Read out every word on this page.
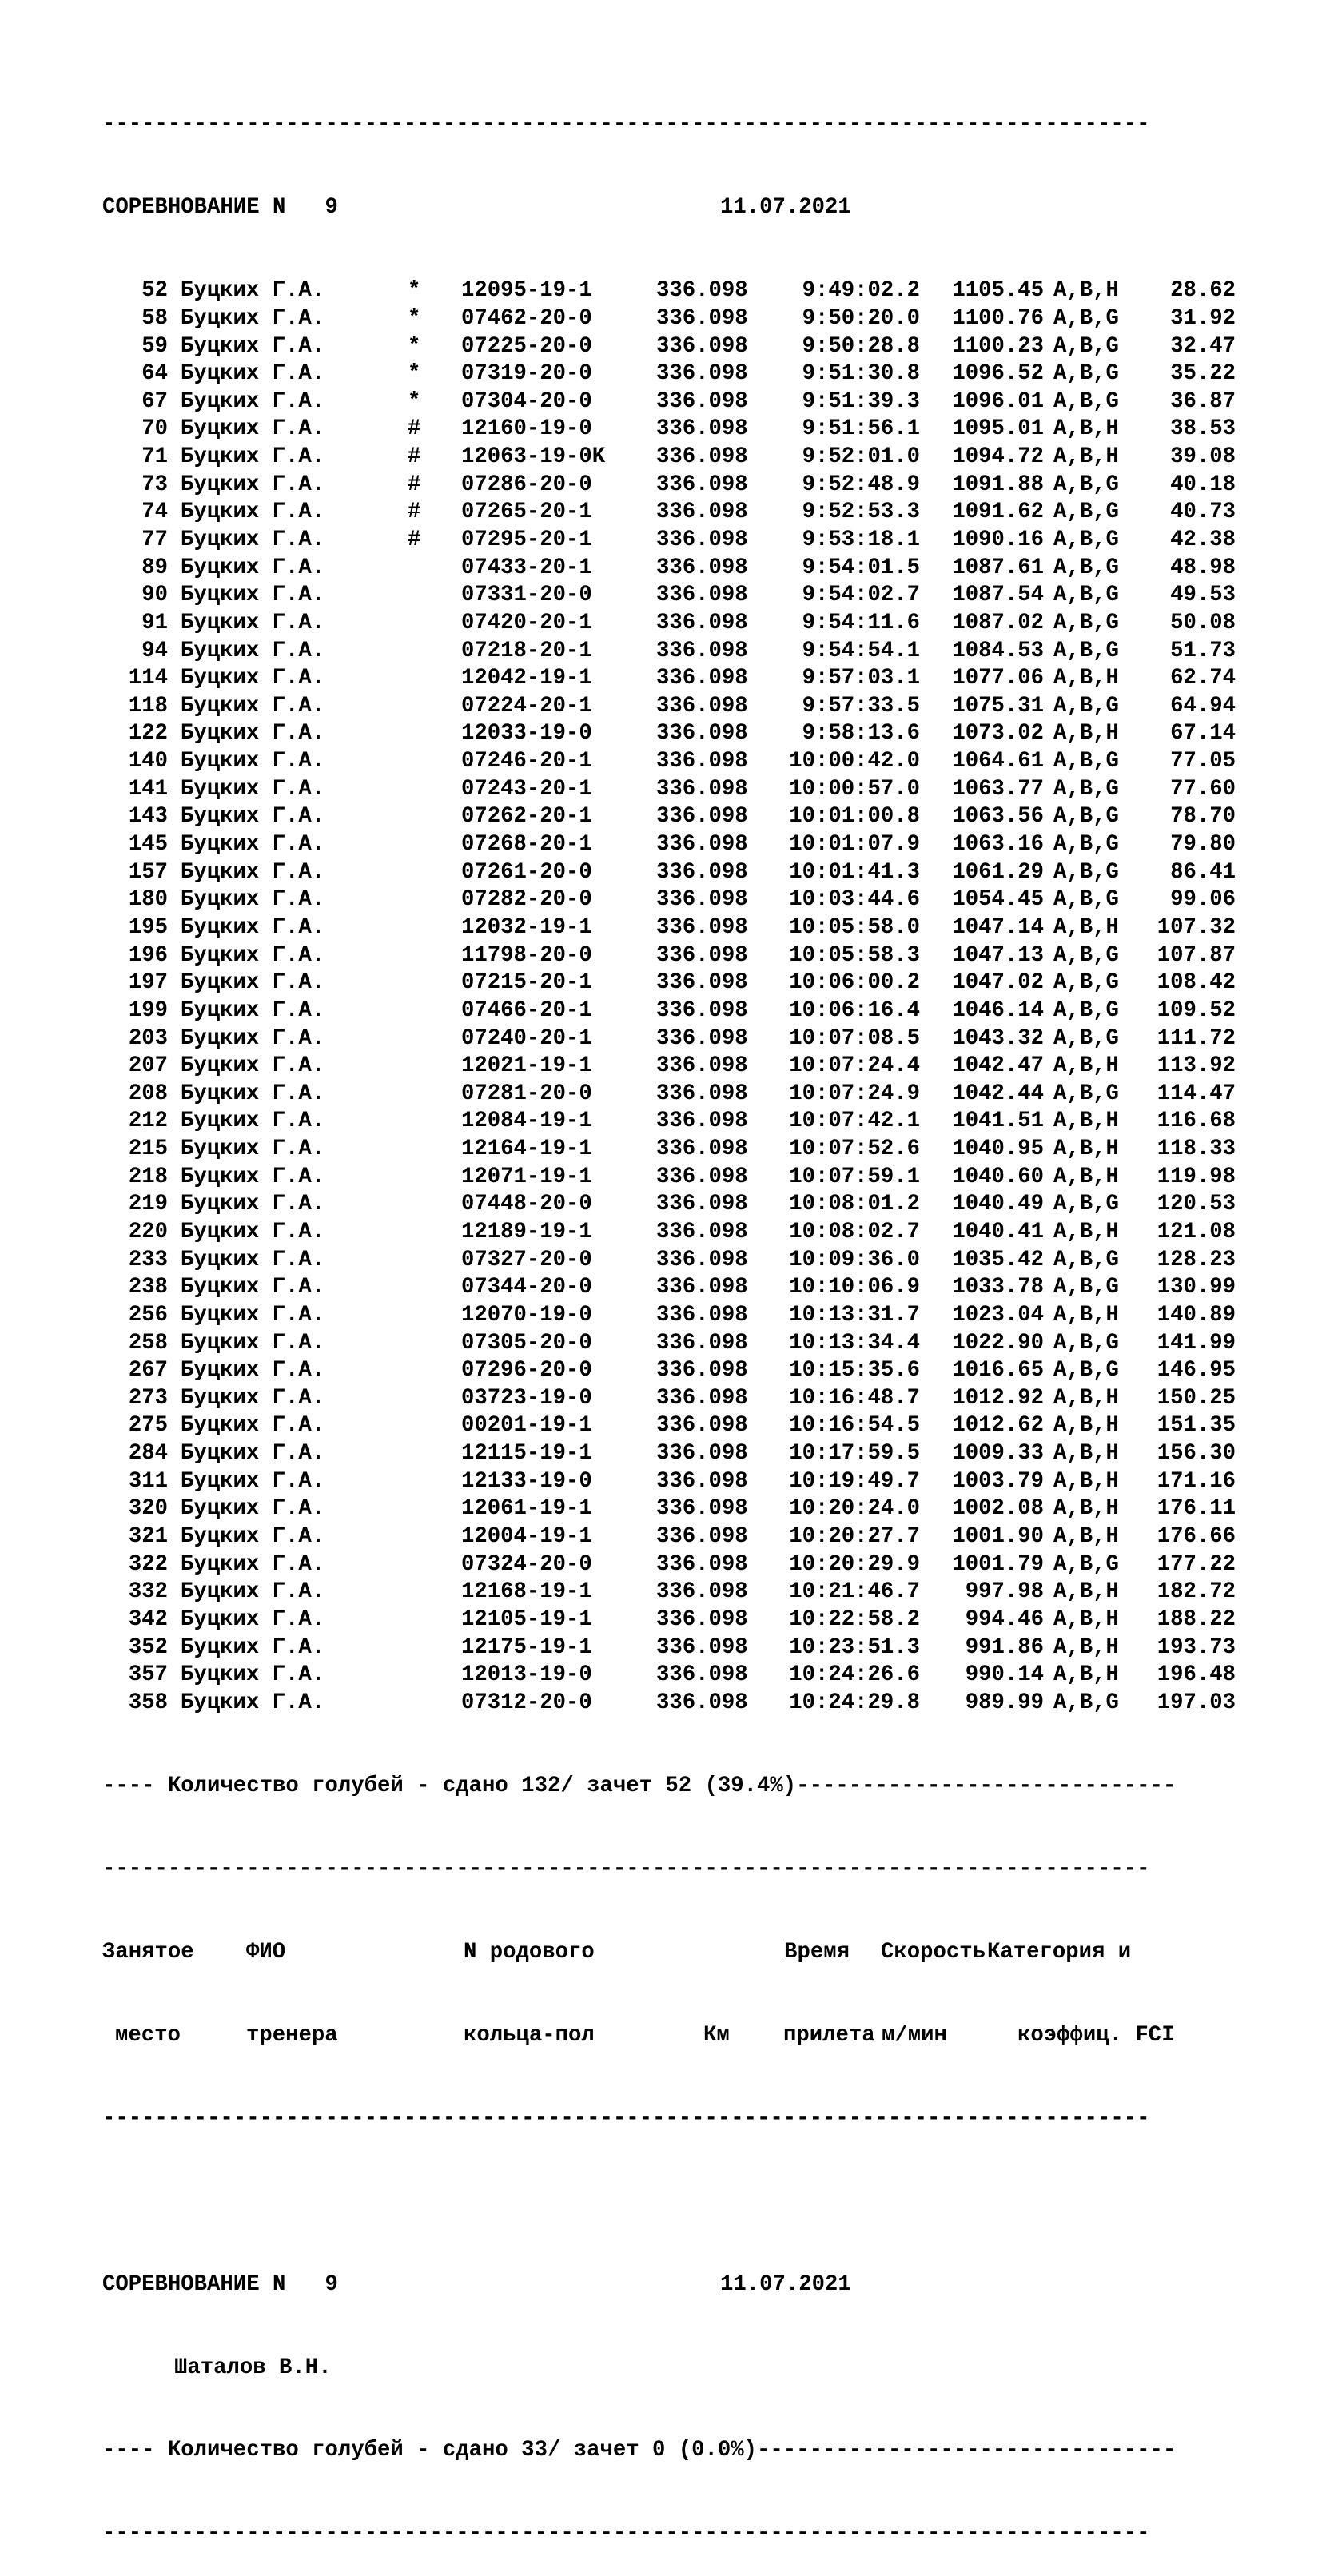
--------------------------------------------------------------------------------

СОРЕВНОВАНИЕ N   9	11.07.2021

52 Буцких Г.А.	* 12095-19-1	336.098 9:49:02.2 1105.45 A,B,H 28.62
58 Буцких Г.А.	* 07462-20-0	336.098 9:50:20.0 1100.76 A,B,G 31.92
59 Буцких Г.А.	* 07225-20-0	336.098 9:50:28.8 1100.23 A,B,G 32.47
64 Буцких Г.А.	* 07319-20-0	336.098 9:51:30.8 1096.52 A,B,G 35.22
67 Буцких Г.А.	* 07304-20-0	336.098 9:51:39.3 1096.01 A,B,G 36.87
70 Буцких Г.А.	# 12160-19-0	336.098 9:51:56.1 1095.01 A,B,H 38.53
71 Буцких Г.А.	# 12063-19-0K 336.098 9:52:01.0 1094.72 A,B,H 39.08
73 Буцких Г.А.	# 07286-20-0	336.098 9:52:48.9 1091.88 A,B,G 40.18
74 Буцких Г.А.	# 07265-20-1	336.098 9:52:53.3 1091.62 A,B,G 40.73
77 Буцких Г.А.	# 07295-20-1	336.098 9:53:18.1 1090.16 A,B,G 42.38
89 Буцких Г.А.	07433-20-1	336.098 9:54:01.5 1087.61 A,B,G 48.98
90 Буцких Г.А.	07331-20-0	336.098 9:54:02.7 1087.54 A,B,G 49.53
91 Буцких Г.А.	07420-20-1	336.098 9:54:11.6 1087.02 A,B,G 50.08
94 Буцких Г.А.	07218-20-1	336.098 9:54:54.1 1084.53 A,B,G 51.73
114 Буцких Г.А.	12042-19-1	336.098 9:57:03.1 1077.06 A,B,H 62.74
118 Буцких Г.А.	07224-20-1	336.098 9:57:33.5 1075.31 A,B,G 64.94
122 Буцких Г.А.	12033-19-0	336.098 9:58:13.6 1073.02 A,B,H 67.14
140 Буцких Г.А.	07246-20-1	336.098 10:00:42.0 1064.61 A,B,G 77.05
141 Буцких Г.А.	07243-20-1	336.098 10:00:57.0 1063.77 A,B,G 77.60
143 Буцких Г.А.	07262-20-1	336.098 10:01:00.8 1063.56 A,B,G 78.70
145 Буцких Г.А.	07268-20-1	336.098 10:01:07.9 1063.16 A,B,G 79.80
157 Буцких Г.А.	07261-20-0	336.098 10:01:41.3 1061.29 A,B,G 86.41
180 Буцких Г.А.	07282-20-0	336.098 10:03:44.6 1054.45 A,B,G 99.06
195 Буцких Г.А.	12032-19-1	336.098 10:05:58.0 1047.14 A,B,H 107.32
196 Буцких Г.А.	11798-20-0	336.098 10:05:58.3 1047.13 A,B,G 107.87
197 Буцких Г.А.	07215-20-1	336.098 10:06:00.2 1047.02 A,B,G 108.42
199 Буцких Г.А.	07466-20-1	336.098 10:06:16.4 1046.14 A,B,G 109.52
203 Буцких Г.А.	07240-20-1	336.098 10:07:08.5 1043.32 A,B,G 111.72
207 Буцких Г.А.	12021-19-1	336.098 10:07:24.4 1042.47 A,B,H 113.92
208 Буцких Г.А.	07281-20-0	336.098 10:07:24.9 1042.44 A,B,G 114.47
212 Буцких Г.А.	12084-19-1	336.098 10:07:42.1 1041.51 A,B,H 116.68
215 Буцких Г.А.	12164-19-1	336.098 10:07:52.6 1040.95 A,B,H 118.33
218 Буцких Г.А.	12071-19-1	336.098 10:07:59.1 1040.60 A,B,H 119.98
219 Буцких Г.А.	07448-20-0	336.098 10:08:01.2 1040.49 A,B,G 120.53
220 Буцких Г.А.	12189-19-1	336.098 10:08:02.7 1040.41 A,B,H 121.08
233 Буцких Г.А.	07327-20-0	336.098 10:09:36.0 1035.42 A,B,G 128.23
238 Буцких Г.А.	07344-20-0	336.098 10:10:06.9 1033.78 A,B,G 130.99
256 Буцких Г.А.	12070-19-0	336.098 10:13:31.7 1023.04 A,B,H 140.89
258 Буцких Г.А.	07305-20-0	336.098 10:13:34.4 1022.90 A,B,G 141.99
267 Буцких Г.А.	07296-20-0	336.098 10:15:35.6 1016.65 A,B,G 146.95
273 Буцких Г.А.	03723-19-0	336.098 10:16:48.7 1012.92 A,B,H 150.25
275 Буцких Г.А.	00201-19-1	336.098 10:16:54.5 1012.62 A,B,H 151.35
284 Буцких Г.А.	12115-19-1	336.098 10:17:59.5 1009.33 A,B,H 156.30
311 Буцких Г.А.	12133-19-0	336.098 10:19:49.7 1003.79 A,B,H 171.16
320 Буцких Г.А.	12061-19-1	336.098 10:20:24.0 1002.08 A,B,H 176.11
321 Буцких Г.А.	12004-19-1	336.098 10:20:27.7 1001.90 A,B,H 176.66
322 Буцких Г.А.	07324-20-0	336.098 10:20:29.9 1001.79 A,B,G 177.22
332 Буцких Г.А.	12168-19-1	336.098 10:21:46.7 997.98 A,B,H 182.72
342 Буцких Г.А.	12105-19-1	336.098 10:22:58.2 994.46 A,B,H 188.22
352 Буцких Г.А.	12175-19-1	336.098 10:23:51.3 991.86 A,B,H 193.73
357 Буцких Г.А.	12013-19-0	336.098 10:24:26.6 990.14 A,B,H 196.48
358 Буцких Г.А.	07312-20-0	336.098 10:24:29.8 989.99 A,B,G 197.03

---- Количество голубей - сдано 132/ зачет 52 (39.4%)-----------------------------

--------------------------------------------------------------------------------

Занятое ФИО	N родового	Время СкоростьКатегория и

место	тренера	кольца-пол	Км прилета м/мин	коэффиц. FCI

--------------------------------------------------------------------------------

СОРЕВНОВАНИЕ N   9	11.07.2021

Шаталов В.Н.

---- Количество голубей - сдано 33/ зачет 0 (0.0%)--------------------------------

--------------------------------------------------------------------------------
